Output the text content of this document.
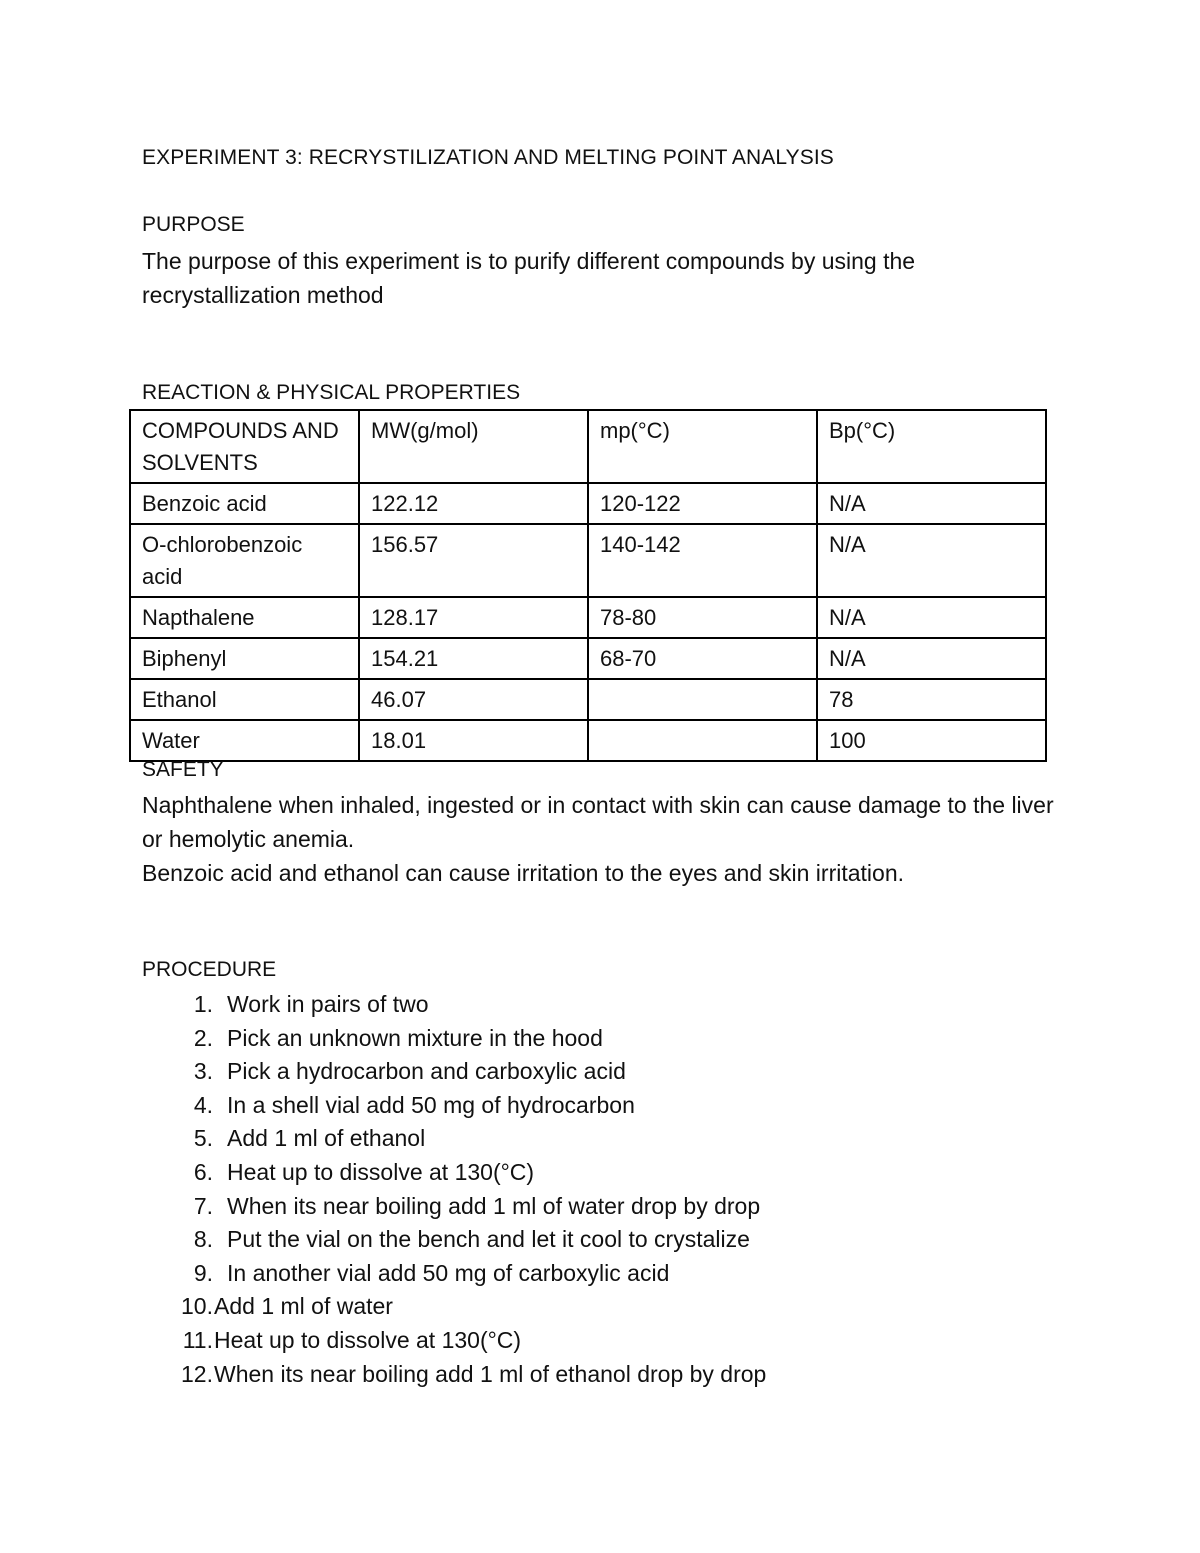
EXPERIMENT 3: RECRYSTILIZATION AND MELTING POINT ANALYSIS
PURPOSE

The purpose of this experiment is to purify different compounds by using the recrystallization method

REACTION & PHYSICAL PROPERTIES
COMPOUNDS AND SOLVENTS	MW(g/mol)	mp(°C)	Bp(°C)
Benzoic acid	122.12	120-122	N/A
O-chlorobenzoic acid	156.57	140-142	N/A
Napthalene	128.17	78-80	N/A
Biphenyl	154.21	68-70	N/A
Ethanol	46.07		78
Water	18.01		100
SAFETY

Naphthalene when inhaled, ingested or in contact with skin can cause damage to the liver or hemolytic anemia.

Benzoic acid and ethanol can cause irritation to the eyes and skin irritation.

PROCEDURE
1. Work in pairs of two
2. Pick an unknown mixture in the hood
3. Pick a hydrocarbon and carboxylic acid
4. In a shell vial add 50 mg of hydrocarbon
5. Add 1 ml of ethanol
6. Heat up to dissolve at 130(°C)
7. When its near boiling add 1 ml of water drop by drop
8. Put the vial on the bench and let it cool to crystalize
9. In another vial add 50 mg of carboxylic acid
10. Add 1 ml of water
11. Heat up to dissolve at 130(°C)
12. When its near boiling add 1 ml of ethanol drop by drop
